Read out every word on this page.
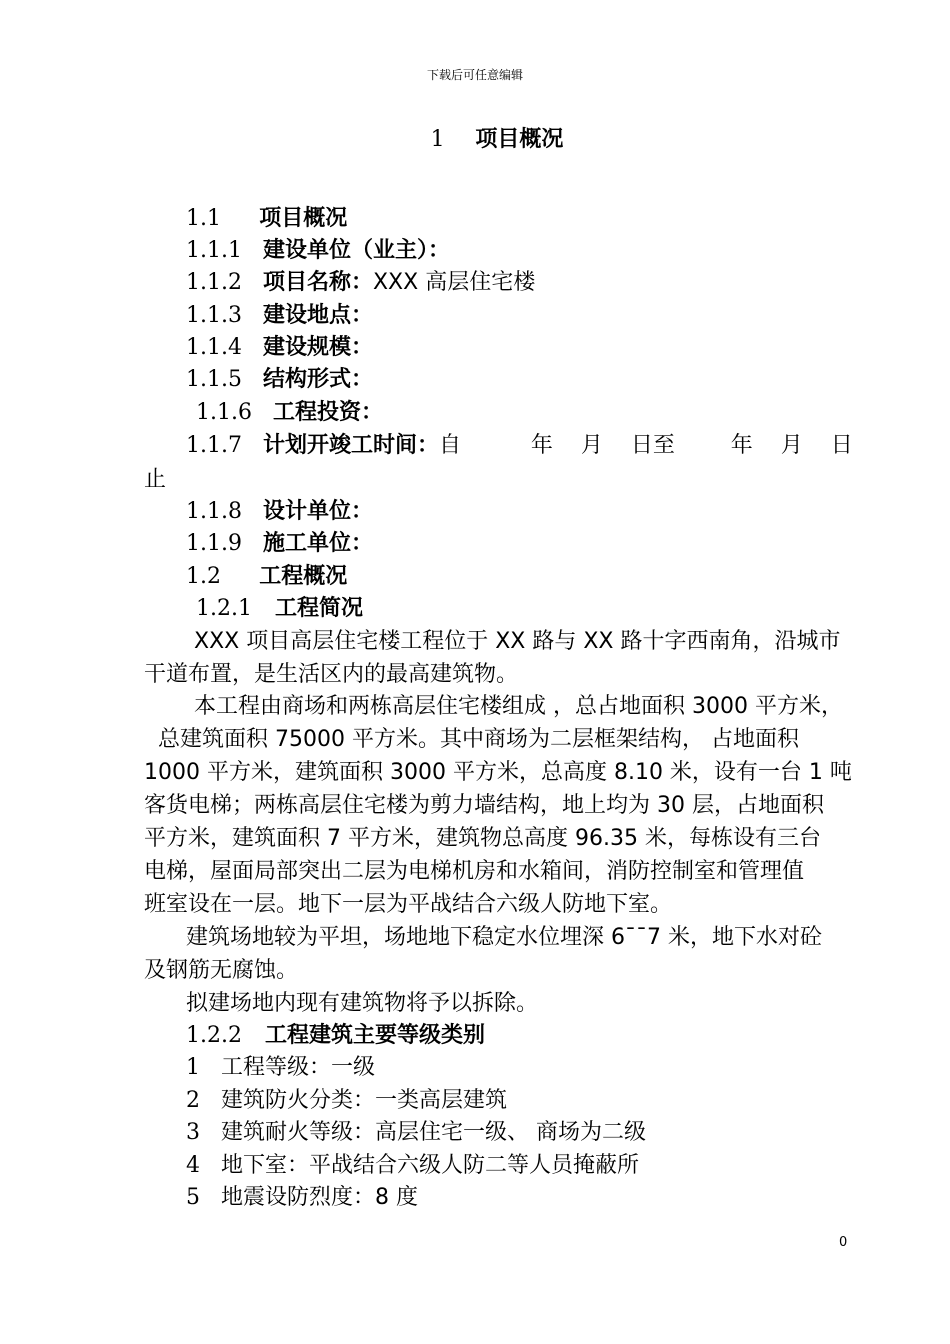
下载后可任意编辑
1 项目概况
1.1 项目概况
1.1.1 建设单位（业主）：
1.1.2 项目名称：XXX 高层住宅楼
1.1.3 建设地点：
1.1.4 建设规模：
1.1.5 结构形式：
1.1.6 工程投资：
1.1.7 计划开竣工时间：自          年    月    日至        年    月    日
止
1.1.8 设计单位：
1.1.9 施工单位：
1.2 工程概况
1.2.1 工程简况
XXX 项目高层住宅楼工程位于 XX 路与 XX 路十字西南角，沿城市
干道布置，是生活区内的最高建筑物。
本工程由商场和两栋高层住宅楼组成 ，总占地面积 3000 平方米，
总建筑面积 75000 平方米。其中商场为二层框架结构， 占地面积
1000 平方米，建筑面积 3000 平方米，总高度 8.10 米，设有一台 1 吨
客货电梯；两栋高层住宅楼为剪力墙结构，地上均为 30 层，占地面积
平方米，建筑面积 7 平方米，建筑物总高度 96.35 米，每栋设有三台
电梯，屋面局部突出二层为电梯机房和水箱间，消防控制室和管理值
班室设在一层。地下一层为平战结合六级人防地下室。
建筑场地较为平坦，场地地下稳定水位埋深 6¯¯7 米，地下水对砼
及钢筋无腐蚀。
拟建场地内现有建筑物将予以拆除。
1.2.2 工程建筑主要等级类别
1 工程等级：一级
2 建筑防火分类：一类高层建筑
3 建筑耐火等级：高层住宅一级、 商场为二级
4 地下室：平战结合六级人防二等人员掩蔽所
5 地震设防烈度：8 度
0
